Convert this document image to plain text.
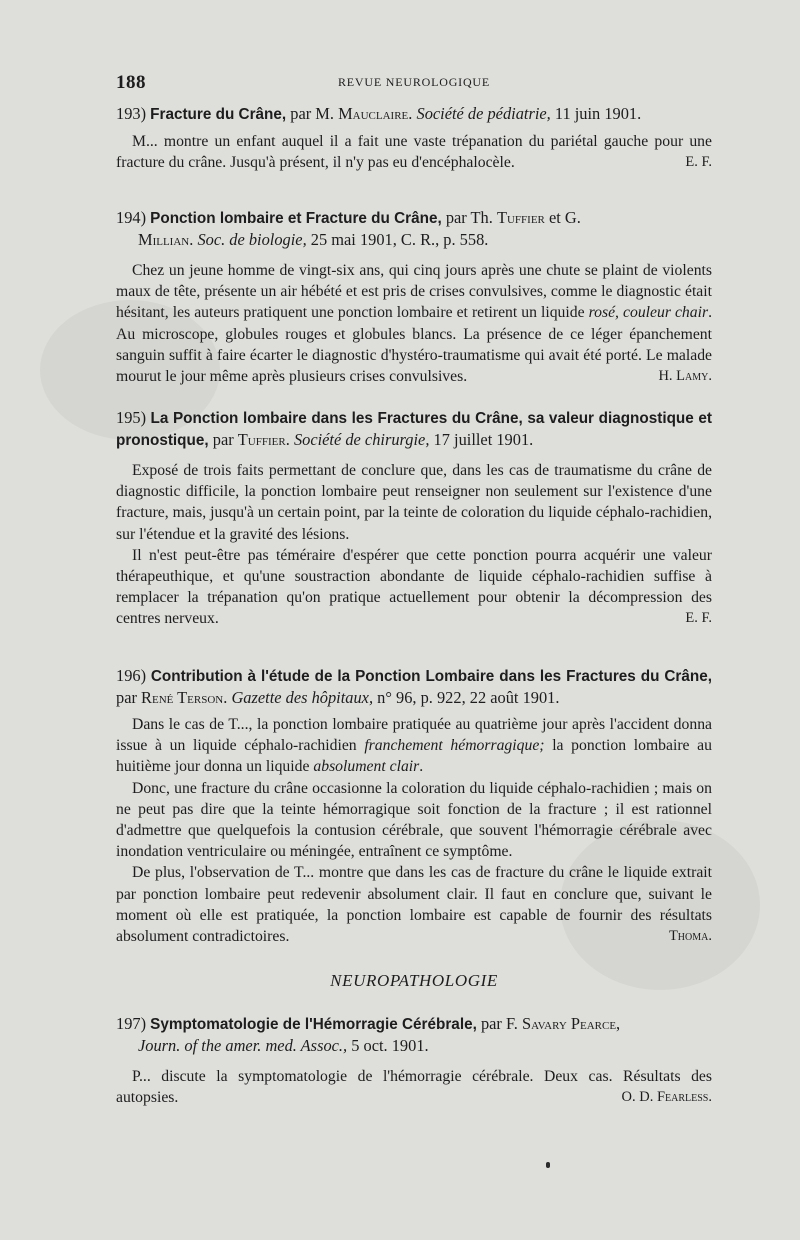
188	REVUE NEUROLOGIQUE

193) Fracture du Crâne, par M. Mauclaire. Société de pédiatrie, 11 juin 1901.

M... montre un enfant auquel il a fait une vaste trépanation du pariétal gauche pour une fracture du crâne. Jusqu'à présent, il n'y pas eu d'encéphalocèle.	E. F.

194) Ponction lombaire et Fracture du Crâne, par Th. Tuffier et G.
Millian. Soc. de biologie, 25 mai 1901, C. R., p. 558.

Chez un jeune homme de vingt-six ans, qui cinq jours après une chute se plaint de violents maux de tête, présente un air hébété et est pris de crises convulsives, comme le diagnostic était hésitant, les auteurs pratiquent une ponction lombaire et retirent un liquide rosé, couleur chair. Au microscope, globules rouges et globules blancs. La présence de ce léger épanchement sanguin suffit à faire écarter le diagnostic d'hystéro-traumatisme qui avait été porté. Le malade mourut le jour même après plusieurs crises convulsives.	H. Lamy.

195) La Ponction lombaire dans les Fractures du Crâne, sa valeur diagnostique et pronostique, par Tuffier. Société de chirurgie, 17 juillet 1901.

Exposé de trois faits permettant de conclure que, dans les cas de traumatisme du crâne de diagnostic difficile, la ponction lombaire peut renseigner non seulement sur l'existence d'une fracture, mais, jusqu'à un certain point, par la teinte de coloration du liquide céphalo-rachidien, sur l'étendue et la gravité des lésions.

Il n'est peut-être pas téméraire d'espérer que cette ponction pourra acquérir une valeur thérapeuthique, et qu'une soustraction abondante de liquide céphalo-rachidien suffise à remplacer la trépanation qu'on pratique actuellement pour obtenir la décompression des centres nerveux.	E. F.

196) Contribution à l'étude de la Ponction Lombaire dans les Fractures du Crâne, par René Terson. Gazette des hôpitaux, n° 96, p. 922, 22 août 1901.

Dans le cas de T..., la ponction lombaire pratiquée au quatrième jour après l'accident donna issue à un liquide céphalo-rachidien franchement hémorragique; la ponction lombaire au huitième jour donna un liquide absolument clair.

Donc, une fracture du crâne occasionne la coloration du liquide céphalo-rachidien ; mais on ne peut pas dire que la teinte hémorragique soit fonction de la fracture ; il est rationnel d'admettre que quelquefois la contusion cérébrale, que souvent l'hémorragie cérébrale avec inondation ventriculaire ou méningée, entraînent ce symptôme.

De plus, l'observation de T... montre que dans les cas de fracture du crâne le liquide extrait par ponction lombaire peut redevenir absolument clair. Il faut en conclure que, suivant le moment où elle est pratiquée, la ponction lombaire est capable de fournir des résultats absolument contradictoires.	Thoma.

NEUROPATHOLOGIE

197) Symptomatologie de l'Hémorragie Cérébrale, par F. Savary Pearce,
Journ. of the amer. med. Assoc., 5 oct. 1901.

P... discute la symptomatologie de l'hémorragie cérébrale. Deux cas. Résultats des autopsies.	O. D. Fearless.
